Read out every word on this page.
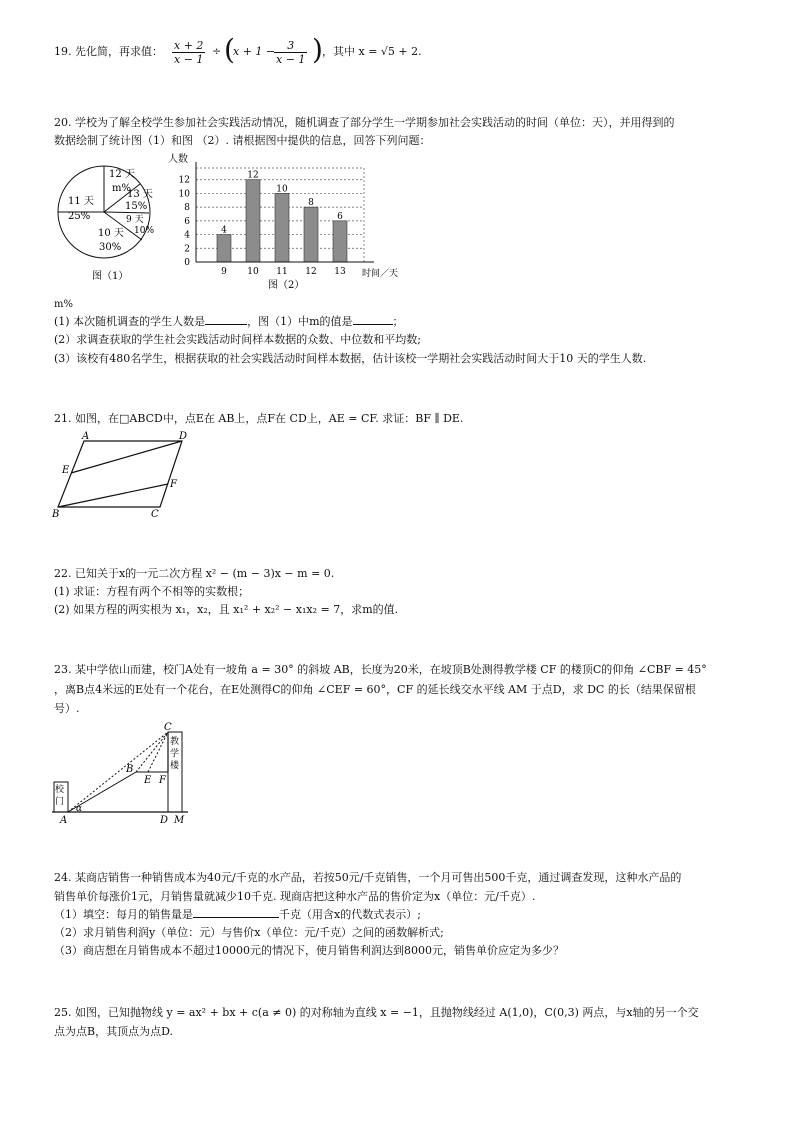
19. 先化简，再求值： $\frac{x + 2}{x - 1}$ ÷ (
x + 1 −
$\frac{3}{x - 1}$ ) ，其中 x = √5 + 2.
20. 学校为了解全校学生参加社会实践活动情况，随机调查了部分学生一学期参加社会实践活动的时间（单位：天），并用得到的
数据绘制了统计图（1）和图 （2）. 请根据图中提供的信息，回答下列问题：
12 天
m%
13 天
15%
9 天
10%
10 天
30%
11 天
25%
图（1）
4
12
10
8
6
0
2
4
6
8
10
12
9 10 11 12 13
人数
时间／天
图（2）
m%
(1) 本次随机调查的学生人数是	，图（1）中m的值是	；
(2）求调查获取的学生社会实践活动时间样本数据的众数、中位数和平均数;
(3）该校有480名学生，根据获取的社会实践活动时间样本数据，估计该校一学期社会实践活动时间大于10 天的学生人数.
21. 如图，在□ABCD中，点E在 AB上，点F在 CD上，AE = CF. 求证：BF ∥ DE.
A	D
E
F
B	C
22. 已知关于x的一元二次方程 x² − (m − 3)x − m = 0.
(1) 求证：方程有两个不相等的实数根；
(2) 如果方程的两实根为 x₁，x₂，且 x₁² + x₂² − x₁x₂ = 7，求m的值.
23. 某中学依山而建，校门A处有一坡角 a = 30° 的斜坡 AB，长度为20米，在坡顶B处测得教学楼 CF 的楼顶C的仰角 ∠CBF = 45°
，离B点4米远的E处有一个花台，在E处测得C的仰角 ∠CEF = 60°，CF 的延长线交水平线 AM 于点D，求 DC 的长（结果保留根
号）.
校
门
教
学
楼
C
B
E F
A	D M
α
24. 某商店销售一种销售成本为40元/千克的水产品，若按50元/千克销售，一个月可售出500千克，通过调查发现，这种水产品的
销售单价每涨价1元，月销售量就减少10千克. 现商店把这种水产品的售价定为x（单位：元/千克）.
（1）填空：每月的销售量是	千克（用含x的代数式表示）;
（2）求月销售利润y（单位：元）与售价x（单位：元/千克）之间的函数解析式;
（3）商店想在月销售成本不超过10000元的情况下，使月销售利润达到8000元，销售单价应定为多少？
25. 如图，已知抛物线 y = ax² + bx + c(a ≠ 0) 的对称轴为直线 x = −1，且抛物线经过 A(1,0)，C(0,3) 两点，与x轴的另一个交
点为点B，其顶点为点D.
